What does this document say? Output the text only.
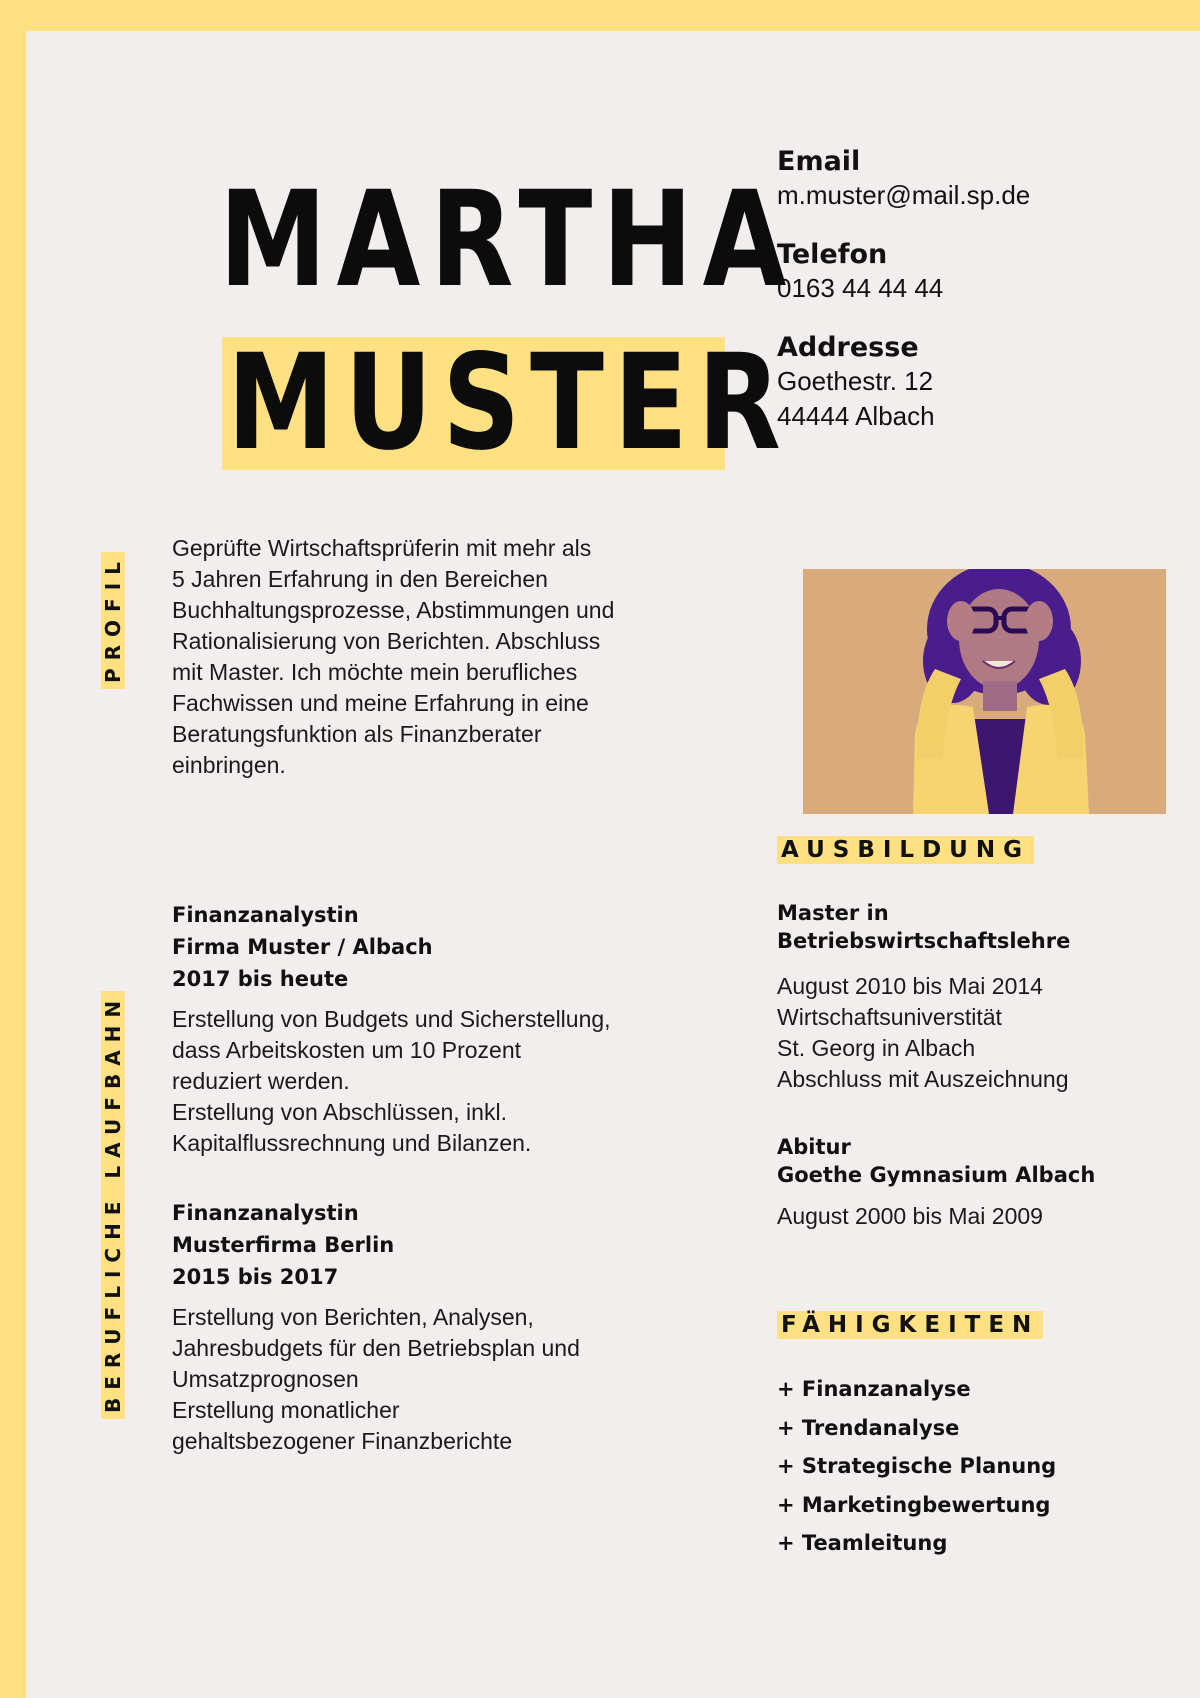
MARTHA
MUSTER
Email
m.muster@mail.sp.de
Telefon
0163 44 44 44
Addresse
Goethestr. 12
44444 Albach
PROFIL
Geprüfte Wirtschaftsprüferin mit mehr als
5 Jahren Erfahrung in den Bereichen
Buchhaltungsprozesse, Abstimmungen und
Rationalisierung von Berichten. Abschluss
mit Master. Ich möchte mein berufliches
Fachwissen und meine Erfahrung in eine
Beratungsfunktion als Finanzberater
einbringen.
BERUFLICHE LAUFBAHN
Finanzanalystin
Firma Muster / Albach
2017 bis heute
Erstellung von Budgets und Sicherstellung,
dass Arbeitskosten um 10 Prozent
reduziert werden.
Erstellung von Abschlüssen, inkl.
Kapitalflussrechnung und Bilanzen.
Finanzanalystin
Musterfirma Berlin
2015 bis 2017
Erstellung von Berichten, Analysen,
Jahresbudgets für den Betriebsplan und
Umsatzprognosen
Erstellung monatlicher
gehaltsbezogener Finanzberichte
AUSBILDUNG
Master in
Betriebswirtschaftslehre
August 2010 bis Mai 2014
Wirtschaftsuniverstität
St. Georg in Albach
Abschluss mit Auszeichnung
Abitur
Goethe Gymnasium Albach
August 2000 bis Mai 2009
FÄHIGKEITEN
+ Finanzanalyse
+ Trendanalyse
+ Strategische Planung
+ Marketingbewertung
+ Teamleitung
